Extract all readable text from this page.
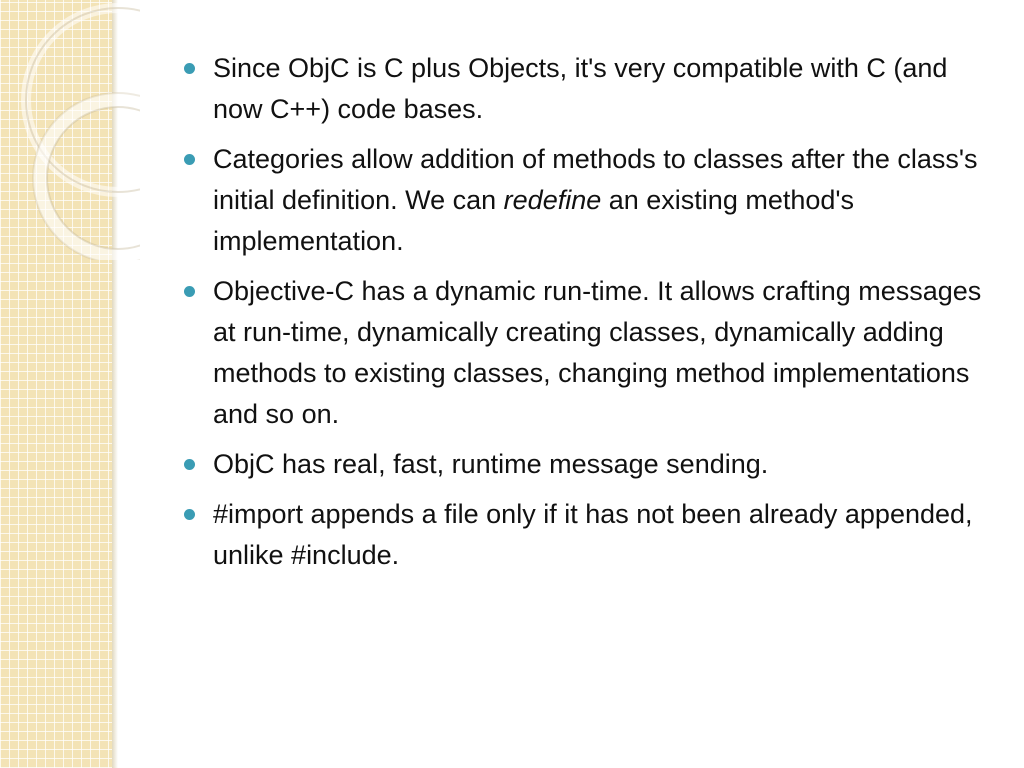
Since ObjC is C plus Objects, it's very compatible with C (and now C++) code bases.
Categories allow addition of methods to classes after the class's initial definition. We can redefine an existing method's implementation.
Objective-C has a dynamic run-time. It allows crafting messages at run-time, dynamically creating classes, dynamically adding methods to existing classes, changing method implementations and so on.
ObjC has real, fast, runtime message sending.
#import appends a file only if it has not been already appended, unlike #include.
